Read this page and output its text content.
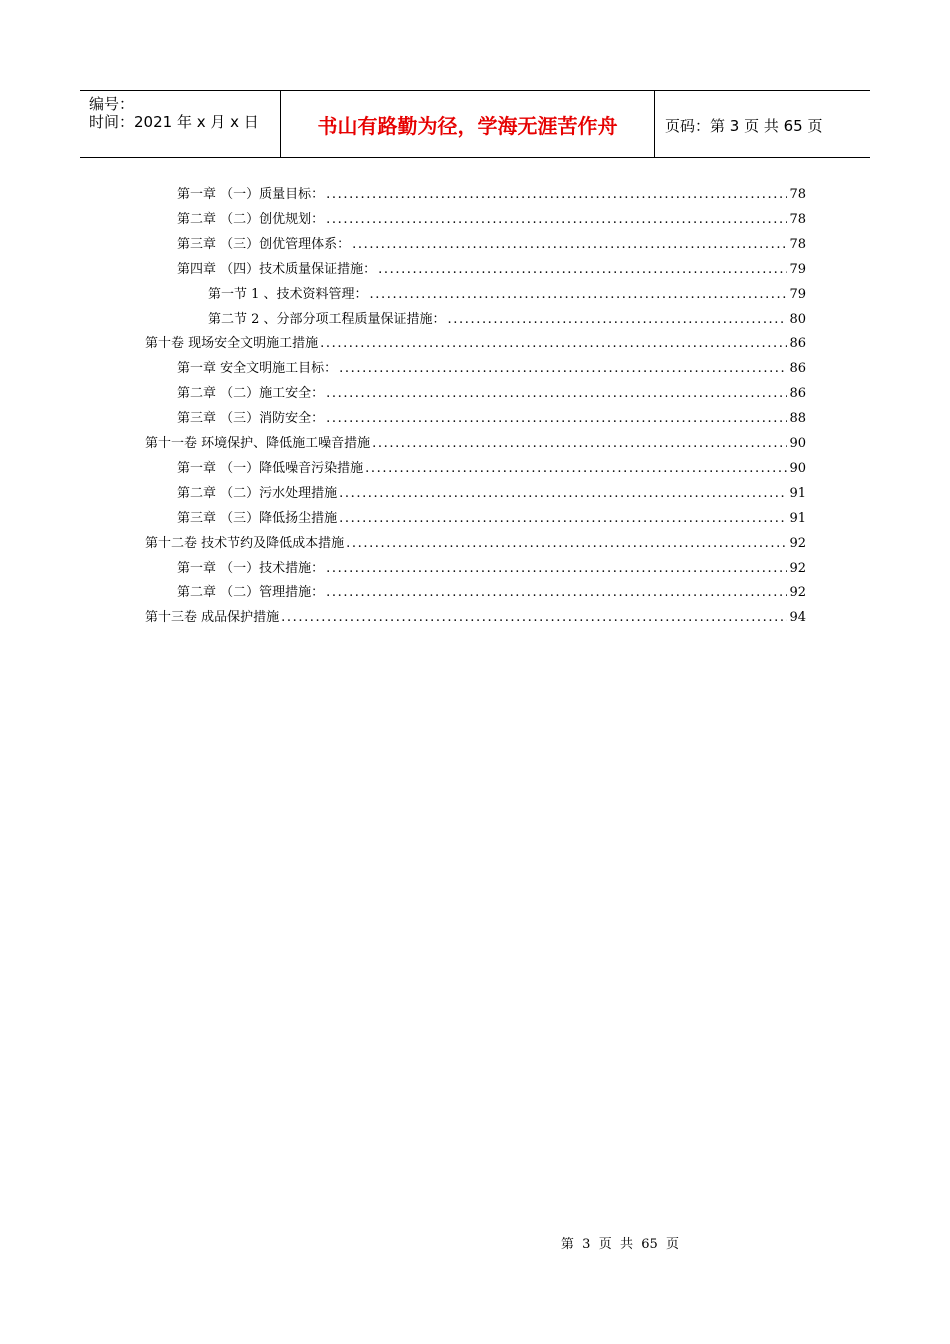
编号：
时间：2021 年 x 月 x 日	书山有路勤为径，学海无涯苦作舟	页码：第 3 页 共 65 页
第一章 （一）质量目标： .....	78
第二章 （二）创优规划： .....	78
第三章 （三）创优管理体系： .....	78
第四章 （四）技术质量保证措施： .....	79
第一节 1 、技术资料管理： .....	79
第二节 2 、分部分项工程质量保证措施： .....	80
第十卷 现场安全文明施工措施 .....	86
第一章 安全文明施工目标： .....	86
第二章 （二）施工安全： .....	86
第三章 （三）消防安全： .....	88
第十一卷 环境保护、降低施工噪音措施 .....	90
第一章 （一）降低噪音污染措施 .....	90
第二章 （二）污水处理措施 .....	91
第三章 （三）降低扬尘措施 .....	91
第十二卷 技术节约及降低成本措施 .....	92
第一章 （一）技术措施： .....	92
第二章 （二）管理措施： .....	92
第十三卷 成品保护措施 .....	94
第  3  页  共  65  页
